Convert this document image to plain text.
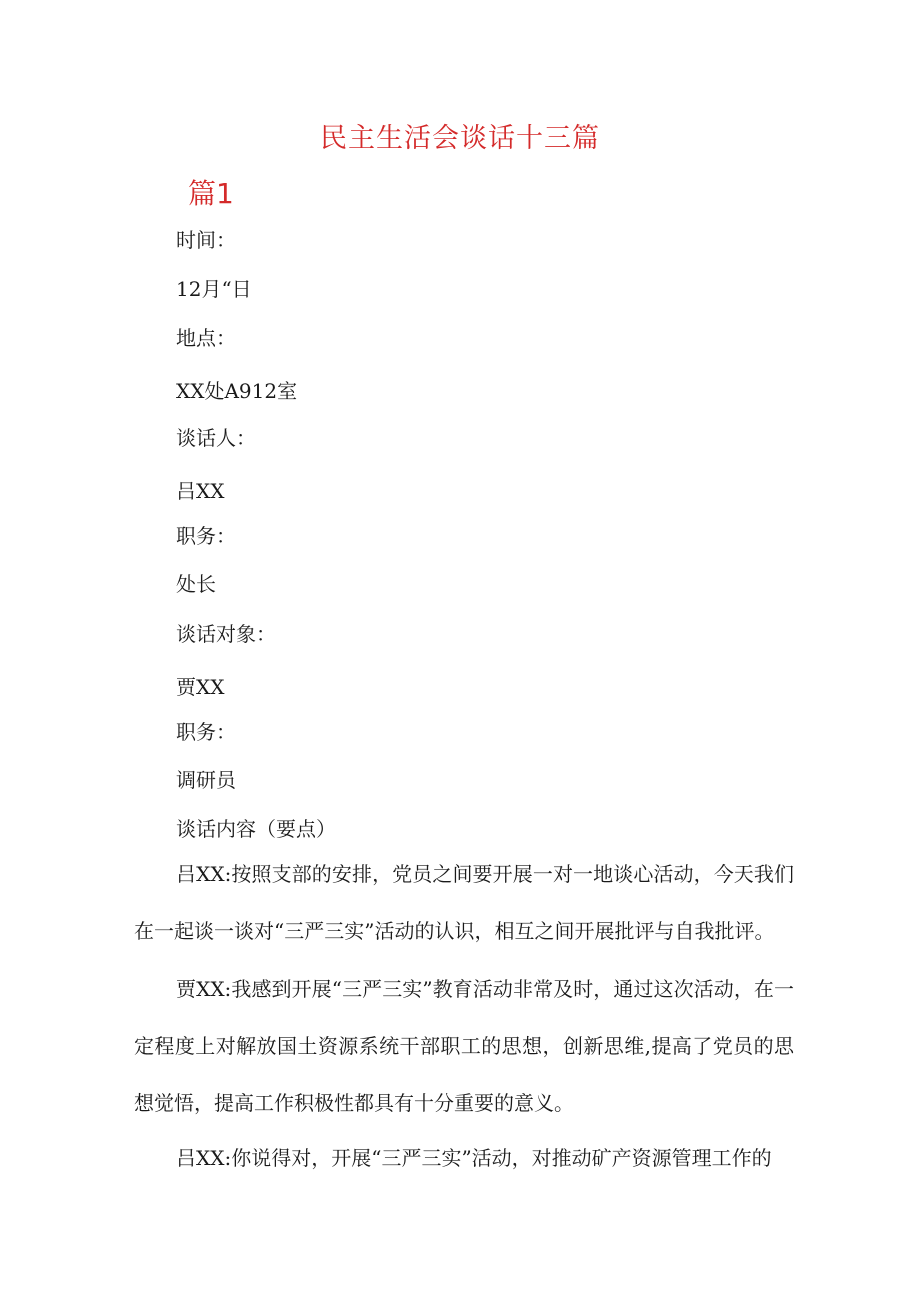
民主生活会谈话十三篇
篇1
时间：
12月“日
地点：
XX处A912室
谈话人：
吕XX
职务：
处长
谈话对象：
贾XX
职务：
调研员
谈话内容（要点）
吕XX:按照支部的安排，党员之间要开展一对一地谈心活动，今天我们在一起谈一谈对“三严三实”活动的认识，相互之间开展批评与自我批评。
贾XX:我感到开展“三严三实”教育活动非常及时，通过这次活动，在一定程度上对解放国土资源系统干部职工的思想，创新思维,提高了党员的思想觉悟，提高工作积极性都具有十分重要的意义。
吕XX:你说得对，开展“三严三实”活动，对推动矿产资源管理工作的
